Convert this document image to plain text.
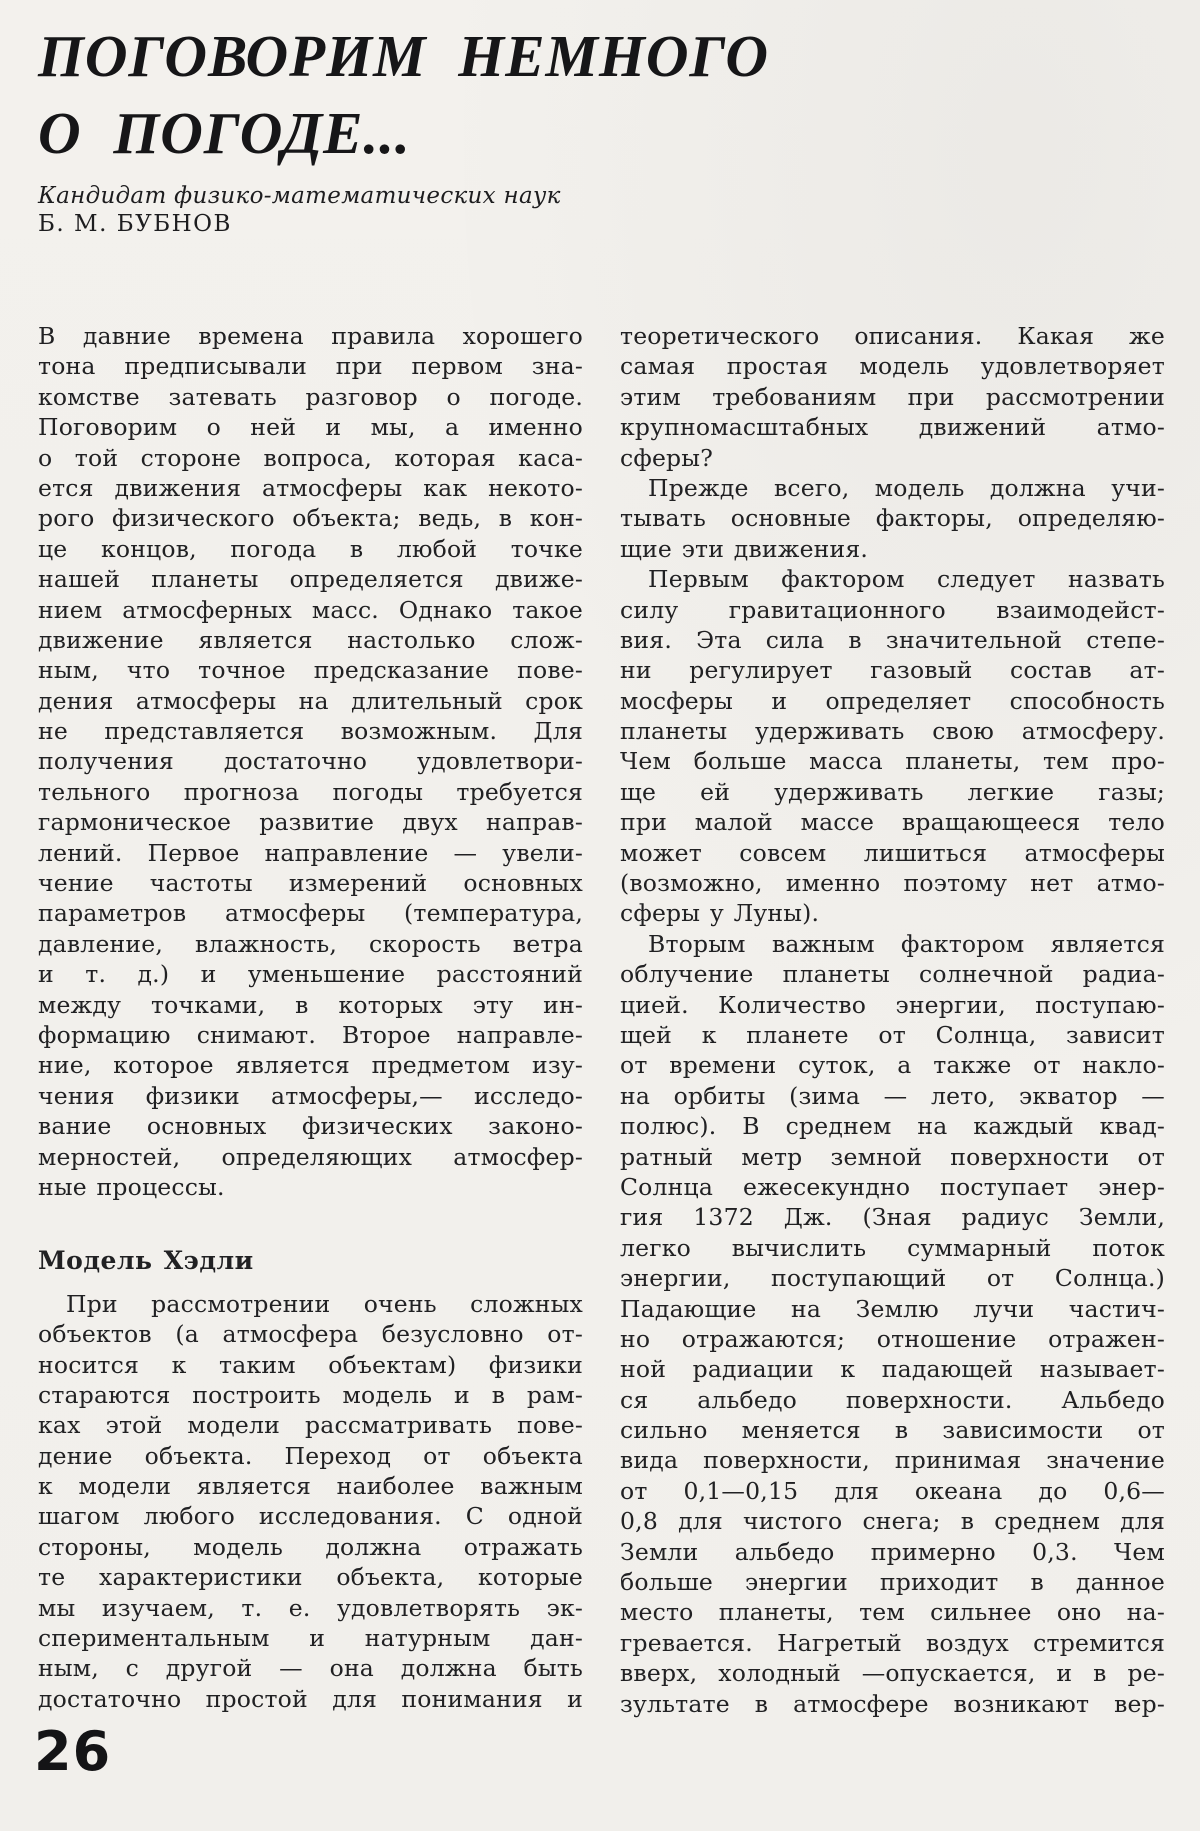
ПОГОВОРИМ НЕМНОГО
О ПОГОДЕ...
Кандидат физико-математических наук
Б. М. БУБНОВ
В давние времена правила хорошего
тона предписывали при первом зна-
комстве затевать разговор о погоде.
Поговорим о ней и мы, а именно
о той стороне вопроса, которая каса-
ется движения атмосферы как некото-
рого физического объекта; ведь, в кон-
це концов, погода в любой точке
нашей планеты определяется движе-
нием атмосферных масс. Однако такое
движение является настолько слож-
ным, что точное предсказание пове-
дения атмосферы на длительный срок
не представляется возможным. Для
получения достаточно удовлетвори-
тельного прогноза погоды требуется
гармоническое развитие двух направ-
лений. Первое направление — увели-
чение частоты измерений основных
параметров атмосферы (температура,
давление, влажность, скорость ветра
и т. д.) и уменьшение расстояний
между точками, в которых эту ин-
формацию снимают. Второе направле-
ние, которое является предметом изу-
чения физики атмосферы,— исследо-
вание основных физических законо-
мерностей, определяющих атмосфер-
ные процессы.
Модель Хэдли
При рассмотрении очень сложных
объектов (а атмосфера безусловно от-
носится к таким объектам) физики
стараются построить модель и в рам-
ках этой модели рассматривать пове-
дение объекта. Переход от объекта
к модели является наиболее важным
шагом любого исследования. С одной
стороны, модель должна отражать
те характеристики объекта, которые
мы изучаем, т. е. удовлетворять эк-
спериментальным и натурным дан-
ным, с другой — она должна быть
достаточно простой для понимания и
теоретического описания. Какая же
самая простая модель удовлетворяет
этим требованиям при рассмотрении
крупномасштабных движений атмо-
сферы?
Прежде всего, модель должна учи-
тывать основные факторы, определяю-
щие эти движения.
Первым фактором следует назвать
силу гравитационного взаимодейст-
вия. Эта сила в значительной степе-
ни регулирует газовый состав ат-
мосферы и определяет способность
планеты удерживать свою атмосферу.
Чем больше масса планеты, тем про-
ще ей удерживать легкие газы;
при малой массе вращающееся тело
может совсем лишиться атмосферы
(возможно, именно поэтому нет атмо-
сферы у Луны).
Вторым важным фактором является
облучение планеты солнечной радиа-
цией. Количество энергии, поступаю-
щей к планете от Солнца, зависит
от времени суток, а также от накло-
на орбиты (зима — лето, экватор —
полюс). В среднем на каждый квад-
ратный метр земной поверхности от
Солнца ежесекундно поступает энер-
гия 1372 Дж. (Зная радиус Земли,
легко вычислить суммарный поток
энергии, поступающий от Солнца.)
Падающие на Землю лучи частич-
но отражаются; отношение отражен-
ной радиации к падающей называет-
ся альбедо поверхности. Альбедо
сильно меняется в зависимости от
вида поверхности, принимая значение
от 0,1—0,15 для океана до 0,6—
0,8 для чистого снега; в среднем для
Земли альбедо примерно 0,3. Чем
больше энергии приходит в данное
место планеты, тем сильнее оно на-
гревается. Нагретый воздух стремится
вверх, холодный —опускается, и в ре-
зультате в атмосфере возникают вер-
26
